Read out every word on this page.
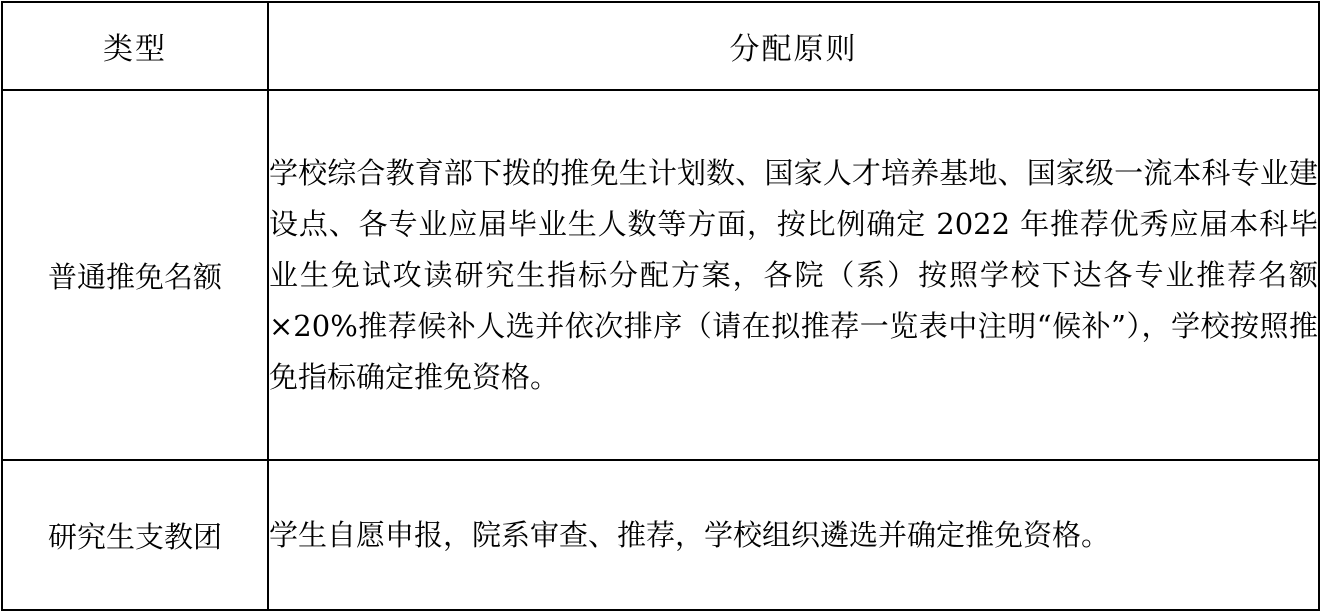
类型	分配原则
普通推免名额	学校综合教育部下拨的推免生计划数、国家人才培养基地、国家级一流本科专业建设点、各专业应届毕业生人数等方面，按比例确定 2022 年推荐优秀应届本科毕业生免试攻读研究生指标分配方案，各院（系）按照学校下达各专业推荐名额×20%推荐候补人选并依次排序（请在拟推荐一览表中注明“候补”），学校按照推免指标确定推免资格。
研究生支教团	学生自愿申报，院系审查、推荐，学校组织遴选并确定推免资格。
